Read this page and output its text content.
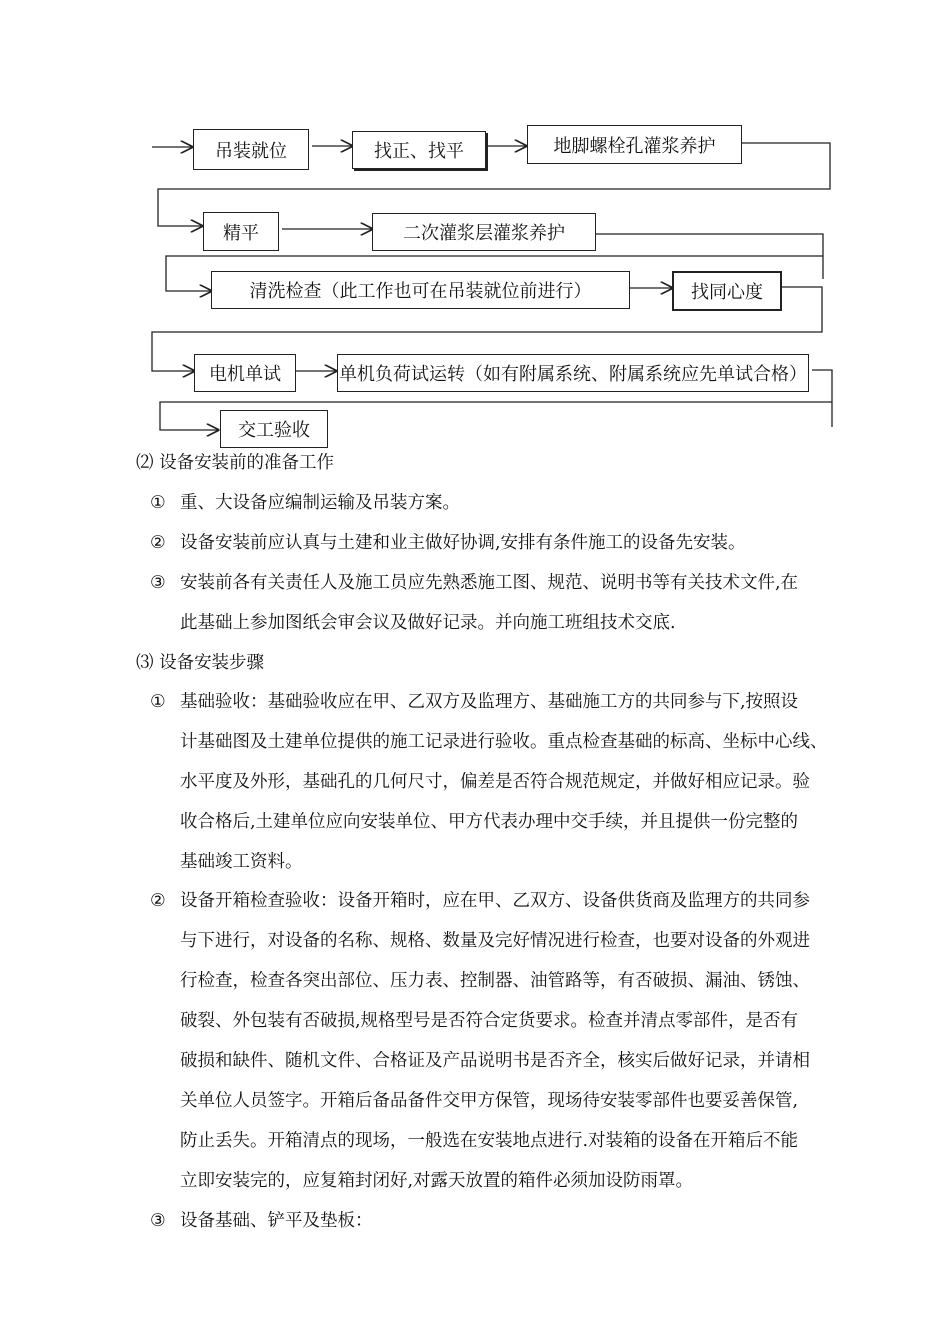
吊装就位	找正、找平	地脚螺栓孔灌浆养护
精平	二次灌浆层灌浆养护
清洗检查（此工作也可在吊装就位前进行）	找同心度
电机单试	单机负荷试运转（如有附属系统、附属系统应先单试合格）
交工验收
⑵ 设备安装前的准备工作
① 重、大设备应编制运输及吊装方案。
② 设备安装前应认真与土建和业主做好协调,安排有条件施工的设备先安装。
③ 安装前各有关责任人及施工员应先熟悉施工图、规范、说明书等有关技术文件,在
此基础上参加图纸会审会议及做好记录。并向施工班组技术交底.
⑶ 设备安装步骤
① 基础验收：基础验收应在甲、乙双方及监理方、基础施工方的共同参与下,按照设
计基础图及土建单位提供的施工记录进行验收。重点检查基础的标高、坐标中心线、
水平度及外形，基础孔的几何尺寸，偏差是否符合规范规定，并做好相应记录。验
收合格后,土建单位应向安装单位、甲方代表办理中交手续，并且提供一份完整的
基础竣工资料。
② 设备开箱检查验收：设备开箱时，应在甲、乙双方、设备供货商及监理方的共同参
与下进行，对设备的名称、规格、数量及完好情况进行检查，也要对设备的外观进
行检查，检查各突出部位、压力表、控制器、油管路等，有否破损、漏油、锈蚀、
破裂、外包装有否破损,规格型号是否符合定货要求。检查并清点零部件，是否有
破损和缺件、随机文件、合格证及产品说明书是否齐全，核实后做好记录，并请相
关单位人员签字。开箱后备品备件交甲方保管，现场待安装零部件也要妥善保管,
防止丢失。开箱清点的现场，一般选在安装地点进行.对装箱的设备在开箱后不能
立即安装完的，应复箱封闭好,对露天放置的箱件必须加设防雨罩。
③ 设备基础、铲平及垫板：
